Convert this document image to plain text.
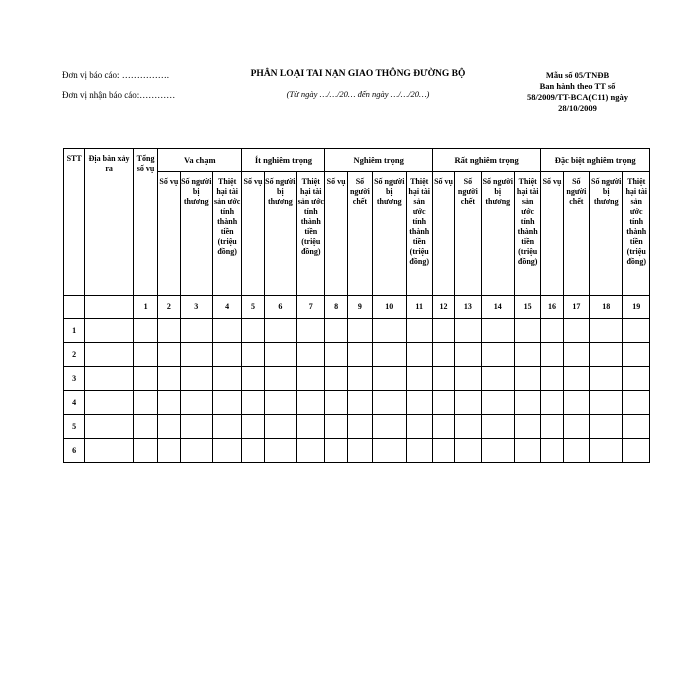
Đơn vị báo cáo: …………….
Đơn vị nhận báo cáo:…………
PHÂN LOẠI TAI NẠN GIAO THÔNG ĐƯỜNG BỘ
(Từ ngày …/…/20… đến ngày …/…/20…)
Mẫu số 05/TNĐB
Ban hành theo TT số
58/2009/TT-BCA(C11) ngày
28/10/2009
STT	Địa bàn xảy ra	Tổng số vụ	Va chạm			Ít nghiêm trọng			Nghiêm trọng				Rất nghiêm trọng				Đặc biệt nghiêm trọng			
			Số vụ	Số người bị thương	Thiệt hại tài sản ước tính thành tiền (triệu đồng)	Số vụ	Số người bị thương	Thiệt hại tài sản ước tính thành tiền (triệu đồng)	Số vụ	Số người chết	Số người bị thương	Thiệt hại tài sản ước tính thành tiền (triệu đồng)	Số vụ	Số người chết	Số người bị thương	Thiệt hại tài sản ước tính thành tiền (triệu đồng)	Số vụ	Số người chết	Số người bị thương	Thiệt hại tài sản ước tính thành tiền (triệu đồng)
		1	2	3	4	5	6	7	8	9	10	11	12	13	14	15	16	17	18	19
1																				
2																				
3																				
4																				
5																				
6																				
